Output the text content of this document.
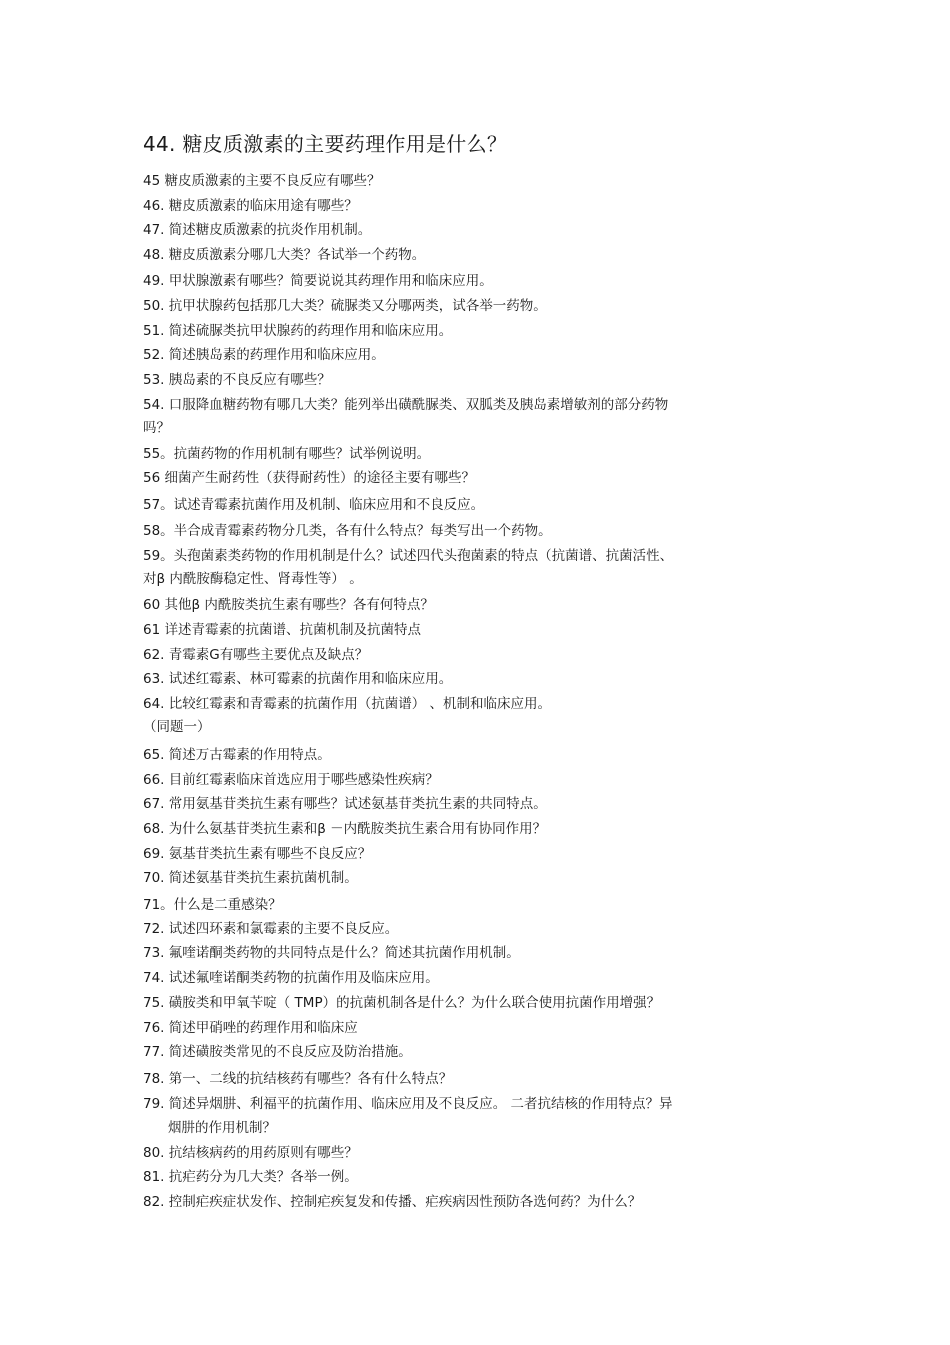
44. 糖皮质激素的主要药理作用是什么？
45 糖皮质激素的主要不良反应有哪些？
46. 糖皮质激素的临床用途有哪些？
47. 简述糖皮质激素的抗炎作用机制。
48. 糖皮质激素分哪几大类？各试举一个药物。
49. 甲状腺激素有哪些？简要说说其药理作用和临床应用。
50. 抗甲状腺药包括那几大类？硫脲类又分哪两类，试各举一药物。
51. 简述硫脲类抗甲状腺药的药理作用和临床应用。
52. 简述胰岛素的药理作用和临床应用。
53. 胰岛素的不良反应有哪些？
54. 口服降血糖药物有哪几大类？能列举出磺酰脲类、双胍类及胰岛素增敏剂的部分药物
吗？
55。抗菌药物的作用机制有哪些？试举例说明。
56 细菌产生耐药性（获得耐药性）的途径主要有哪些？
57。试述青霉素抗菌作用及机制、临床应用和不良反应。
58。半合成青霉素药物分几类，各有什么特点？每类写出一个药物。
59。头孢菌素类药物的作用机制是什么？试述四代头孢菌素的特点（抗菌谱、抗菌活性、
对β 内酰胺酶稳定性、肾毒性等） 。
60 其他β 内酰胺类抗生素有哪些？各有何特点？
61 详述青霉素的抗菌谱、抗菌机制及抗菌特点
62. 青霉素G有哪些主要优点及缺点？
63. 试述红霉素、林可霉素的抗菌作用和临床应用。
64. 比较红霉素和青霉素的抗菌作用（抗菌谱） 、机制和临床应用。
（同题一）
65. 简述万古霉素的作用特点。
66. 目前红霉素临床首选应用于哪些感染性疾病？
67. 常用氨基苷类抗生素有哪些？试述氨基苷类抗生素的共同特点。
68. 为什么氨基苷类抗生素和β －内酰胺类抗生素合用有协同作用？
69. 氨基苷类抗生素有哪些不良反应？
70. 简述氨基苷类抗生素抗菌机制。
71。什么是二重感染？
72. 试述四环素和氯霉素的主要不良反应。
73. 氟喹诺酮类药物的共同特点是什么？简述其抗菌作用机制。
74. 试述氟喹诺酮类药物的抗菌作用及临床应用。
75. 磺胺类和甲氧苄啶（ TMP）的抗菌机制各是什么？为什么联合使用抗菌作用增强？
76. 简述甲硝唑的药理作用和临床应
77. 简述磺胺类常见的不良反应及防治措施。
78. 第一、二线的抗结核药有哪些？各有什么特点？
79. 简述异烟肼、利福平的抗菌作用、临床应用及不良反应。 二者抗结核的作用特点？异
烟肼的作用机制？
80. 抗结核病药的用药原则有哪些？
81. 抗疟药分为几大类？各举一例。
82. 控制疟疾症状发作、控制疟疾复发和传播、疟疾病因性预防各选何药？为什么？
